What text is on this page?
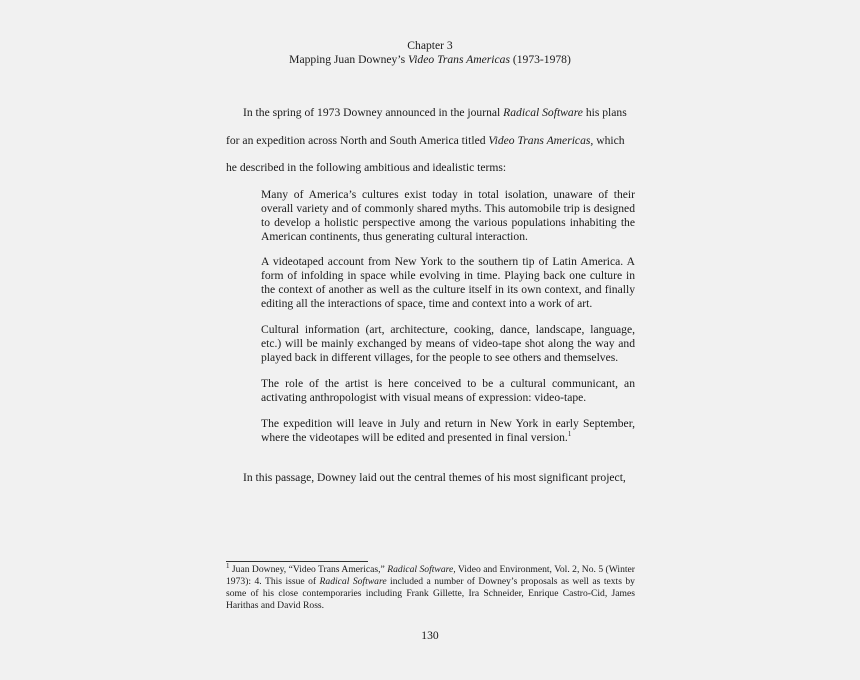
Chapter 3
Mapping Juan Downey’s Video Trans Americas (1973-1978)
In the spring of 1973 Downey announced in the journal Radical Software his plans
for an expedition across North and South America titled Video Trans Americas, which
he described in the following ambitious and idealistic terms:
Many of America’s cultures exist today in total isolation, unaware of their overall variety and of commonly shared myths. This automobile trip is designed to develop a holistic perspective among the various populations inhabiting the American continents, thus generating cultural interaction.
A videotaped account from New York to the southern tip of Latin America. A form of infolding in space while evolving in time. Playing back one culture in the context of another as well as the culture itself in its own context, and finally editing all the interactions of space, time and context into a work of art.
Cultural information (art, architecture, cooking, dance, landscape, language, etc.) will be mainly exchanged by means of video-tape shot along the way and played back in different villages, for the people to see others and themselves.
The role of the artist is here conceived to be a cultural communicant, an activating anthropologist with visual means of expression: video-tape.
The expedition will leave in July and return in New York in early September, where the videotapes will be edited and presented in final version.$^1$
In this passage, Downey laid out the central themes of his most significant project,
$^1$ Juan Downey, “Video Trans Americas,” Radical Software, Video and Environment, Vol. 2, No. 5 (Winter 1973): 4. This issue of Radical Software included a number of Downey’s proposals as well as texts by some of his close contemporaries including Frank Gillette, Ira Schneider, Enrique Castro-Cid, James Harithas and David Ross.
130
